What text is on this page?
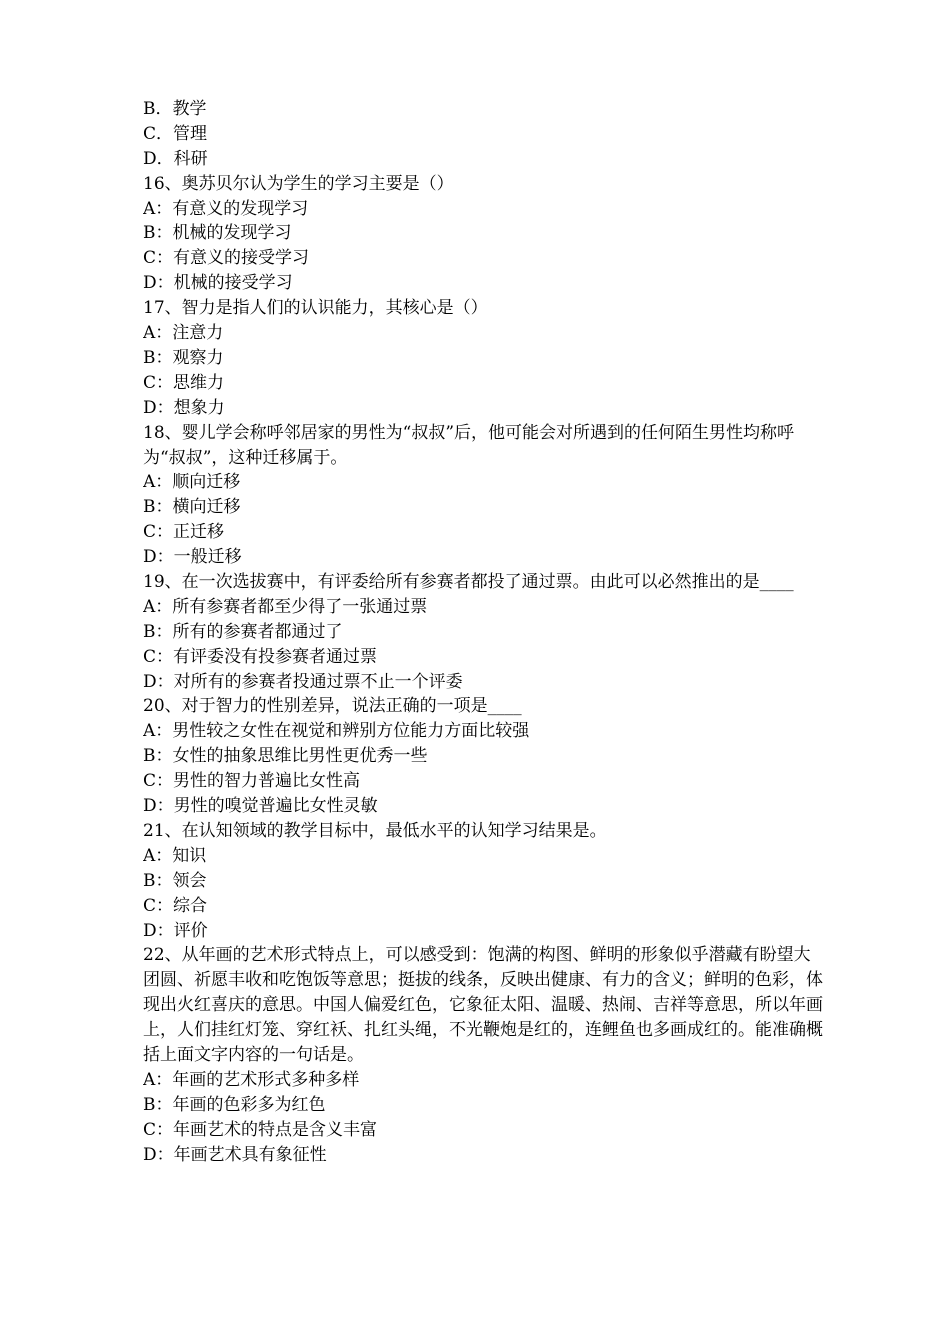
B．教学
C．管理
D．科研
16、奥苏贝尔认为学生的学习主要是（）
A：有意义的发现学习
B：机械的发现学习
C：有意义的接受学习
D：机械的接受学习
17、智力是指人们的认识能力，其核心是（）
A：注意力
B：观察力
C：思维力
D：想象力
18、婴儿学会称呼邻居家的男性为“叔叔”后，他可能会对所遇到的任何陌生男性均称呼为“叔叔”，这种迁移属于。
A：顺向迁移
B：横向迁移
C：正迁移
D：一般迁移
19、在一次选拔赛中，有评委给所有参赛者都投了通过票。由此可以必然推出的是____
A：所有参赛者都至少得了一张通过票
B：所有的参赛者都通过了
C：有评委没有投参赛者通过票
D：对所有的参赛者投通过票不止一个评委
20、对于智力的性别差异，说法正确的一项是____
A：男性较之女性在视觉和辨别方位能力方面比较强
B：女性的抽象思维比男性更优秀一些
C：男性的智力普遍比女性高
D：男性的嗅觉普遍比女性灵敏
21、在认知领域的教学目标中，最低水平的认知学习结果是。
A：知识
B：领会
C：综合
D：评价
22、从年画的艺术形式特点上，可以感受到：饱满的构图、鲜明的形象似乎潜藏有盼望大团圆、祈愿丰收和吃饱饭等意思；挺拔的线条，反映出健康、有力的含义；鲜明的色彩，体现出火红喜庆的意思。中国人偏爱红色，它象征太阳、温暖、热闹、吉祥等意思，所以年画上，人们挂红灯笼、穿红袄、扎红头绳，不光鞭炮是红的，连鲤鱼也多画成红的。能准确概括上面文字内容的一句话是。
A：年画的艺术形式多种多样
B：年画的色彩多为红色
C：年画艺术的特点是含义丰富
D：年画艺术具有象征性
